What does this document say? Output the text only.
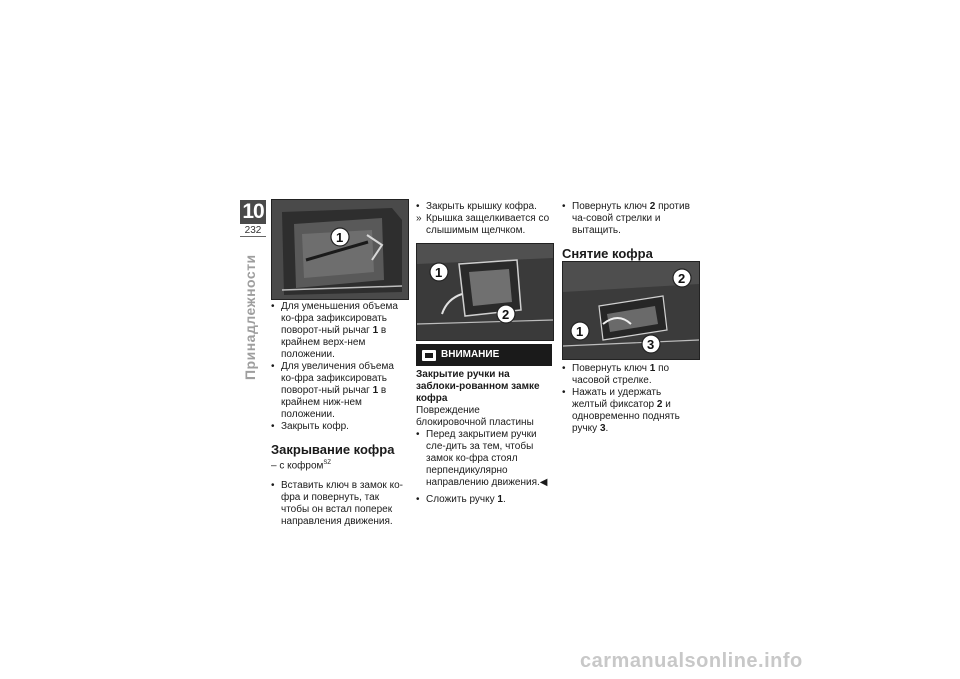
10
232
Принадлежности
1

• Для уменьшения объема ко-фра зафиксировать поворот-ный рычаг 1 в крайнем верх-нем положении.

• Для увеличения объема ко-фра зафиксировать поворот-ный рычаг 1 в крайнем ниж-нем положении.

• Закрыть кофр.

Закрывание кофра
– с кофром$^{SZ}$

• Вставить ключ в замок ко-фра и повернуть, так чтобы он встал поперек направления движения.

• Закрыть крышку кофра.

» Крышка защелкивается со слышимым щелчком.

1
2
ВНИМАНИЕ
Закрытие ручки на заблоки-рованном замке кофра
Повреждение блокировочной пластины

• Перед закрытием ручки сле-дить за тем, чтобы замок ко-фра стоял перпендикулярно направлению движения.◀

• Сложить ручку 1.

• Повернуть ключ 2 против ча-совой стрелки и вытащить.

Снятие кофра
2
1
3

• Повернуть ключ 1 по часовой стрелке.

• Нажать и удержать желтый фиксатор 2 и одновременно поднять ручку 3.

carmanualsonline.info
